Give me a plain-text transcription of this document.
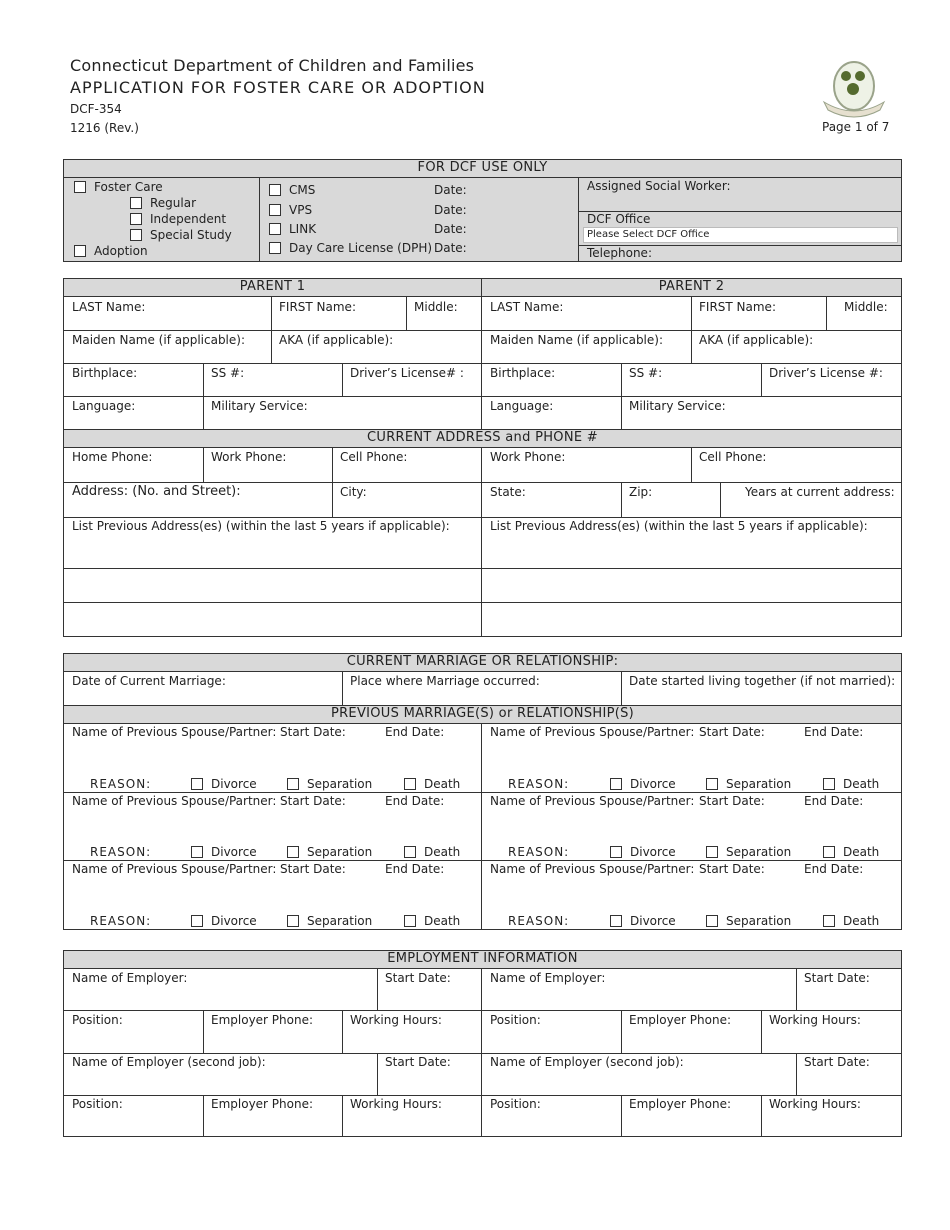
Connecticut Department of Children and Families
APPLICATION FOR FOSTER CARE OR ADOPTION
DCF-354
1216 (Rev.)	Page 1 of 7
FOR DCF USE ONLY
Foster Care
Regular
Independent
Special Study
Adoption
CMS	Date:
VPS	Date:
LINK	Date:
Day Care License (DPH) Date:
Assigned Social Worker:
DCF Office
Please Select DCF Office
Telephone:
PARENT 1	PARENT 2
LAST Name:	FIRST Name:	Middle:
Maiden Name (if applicable):	AKA (if applicable):
Birthplace:	SS #:	Driver’s License# :
Language:	Military Service:
LAST Name:	FIRST Name:	Middle:
Maiden Name (if applicable):	AKA (if applicable):
Birthplace:	SS #:	Driver’s License #:
Language:	Military Service:
CURRENT ADDRESS and PHONE #
Home Phone:	Work Phone:	Cell Phone:	Work Phone:	Cell Phone:
Address: (No. and Street):	City:	State:	Zip:	Years at current address:
List Previous Address(es) (within the last 5 years if applicable):	List Previous Address(es) (within the last 5 years if applicable):
CURRENT MARRIAGE OR RELATIONSHIP:
Date of Current Marriage:	Place where Marriage occurred:	Date started living together (if not married):
PREVIOUS MARRIAGE(S) or RELATIONSHIP(S)
Name of Previous Spouse/Partner: Start Date:	End Date:
REASON:	Divorce	Separation	Death
Name of Previous Spouse/Partner: Start Date:	End Date:
REASON:	Divorce	Separation	Death
Name of Previous Spouse/Partner: Start Date:	End Date:
REASON:	Divorce	Separation	Death
Name of Previous Spouse/Partner: Start Date:	End Date:
REASON:	Divorce	Separation	Death
Name of Previous Spouse/Partner: Start Date:	End Date:
REASON:	Divorce	Separation	Death
Name of Previous Spouse/Partner: Start Date:	End Date:
REASON:	Divorce	Separation	Death
EMPLOYMENT INFORMATION
Name of Employer:	Start Date:
Position:	Employer Phone:	Working Hours:
Name of Employer (second job):	Start Date:
Position:	Employer Phone:	Working Hours:
Name of Employer:	Start Date:
Position:	Employer Phone:	Working Hours:
Name of Employer (second job):	Start Date:
Position:	Employer Phone:	Working Hours:
